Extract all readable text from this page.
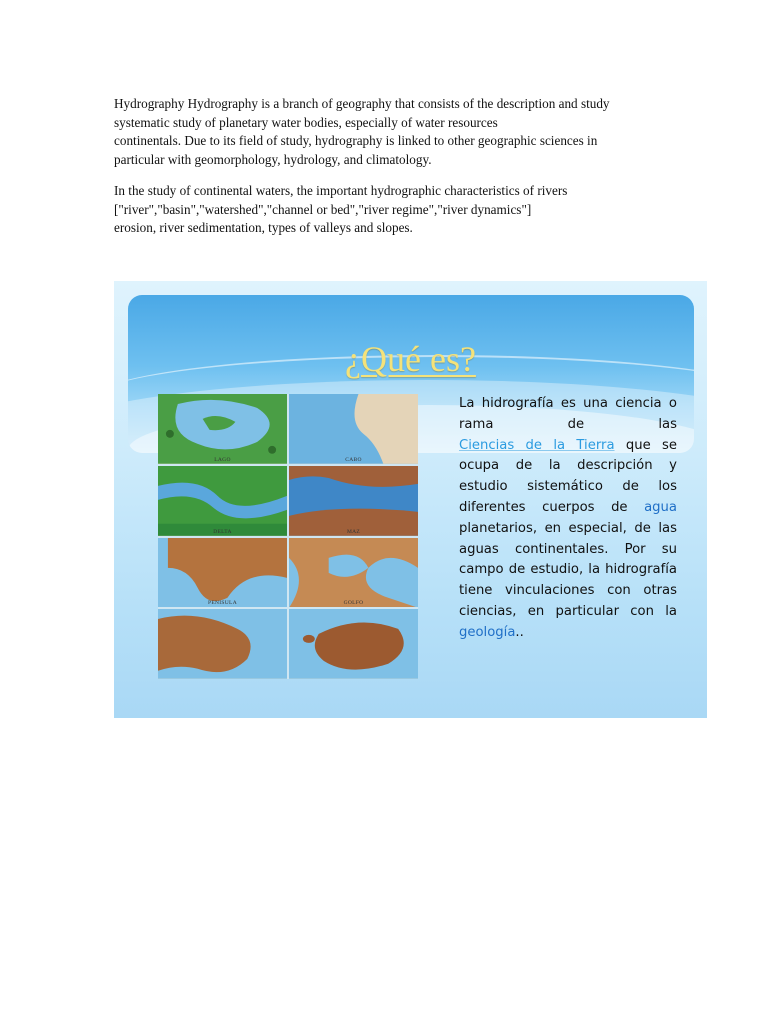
Hydrography Hydrography is a branch of geography that consists of the description and study
systematic study of planetary water bodies, especially of water resources
continentals. Due to its field of study, hydrography is linked to other geographic sciences in
particular with geomorphology, hydrology, and climatology.

In the study of continental waters, the important hydrographic characteristics of rivers
["river","basin","watershed","channel or bed","river regime","river dynamics"]
erosion, river sedimentation, types of valleys and slopes.

¿Qué es?
LAGO	CABO
DELTA	MAZ
PENISULA	GOLFO
La hidrografía es una ciencia o rama de las
Ciencias de la Tierra que se ocupa de la descripción y estudio sistemático de los diferentes cuerpos de agua planetarios, en especial, de las aguas continentales. Por su campo de estudio, la hidrografía tiene vinculaciones con otras ciencias, en particular con la geología..
